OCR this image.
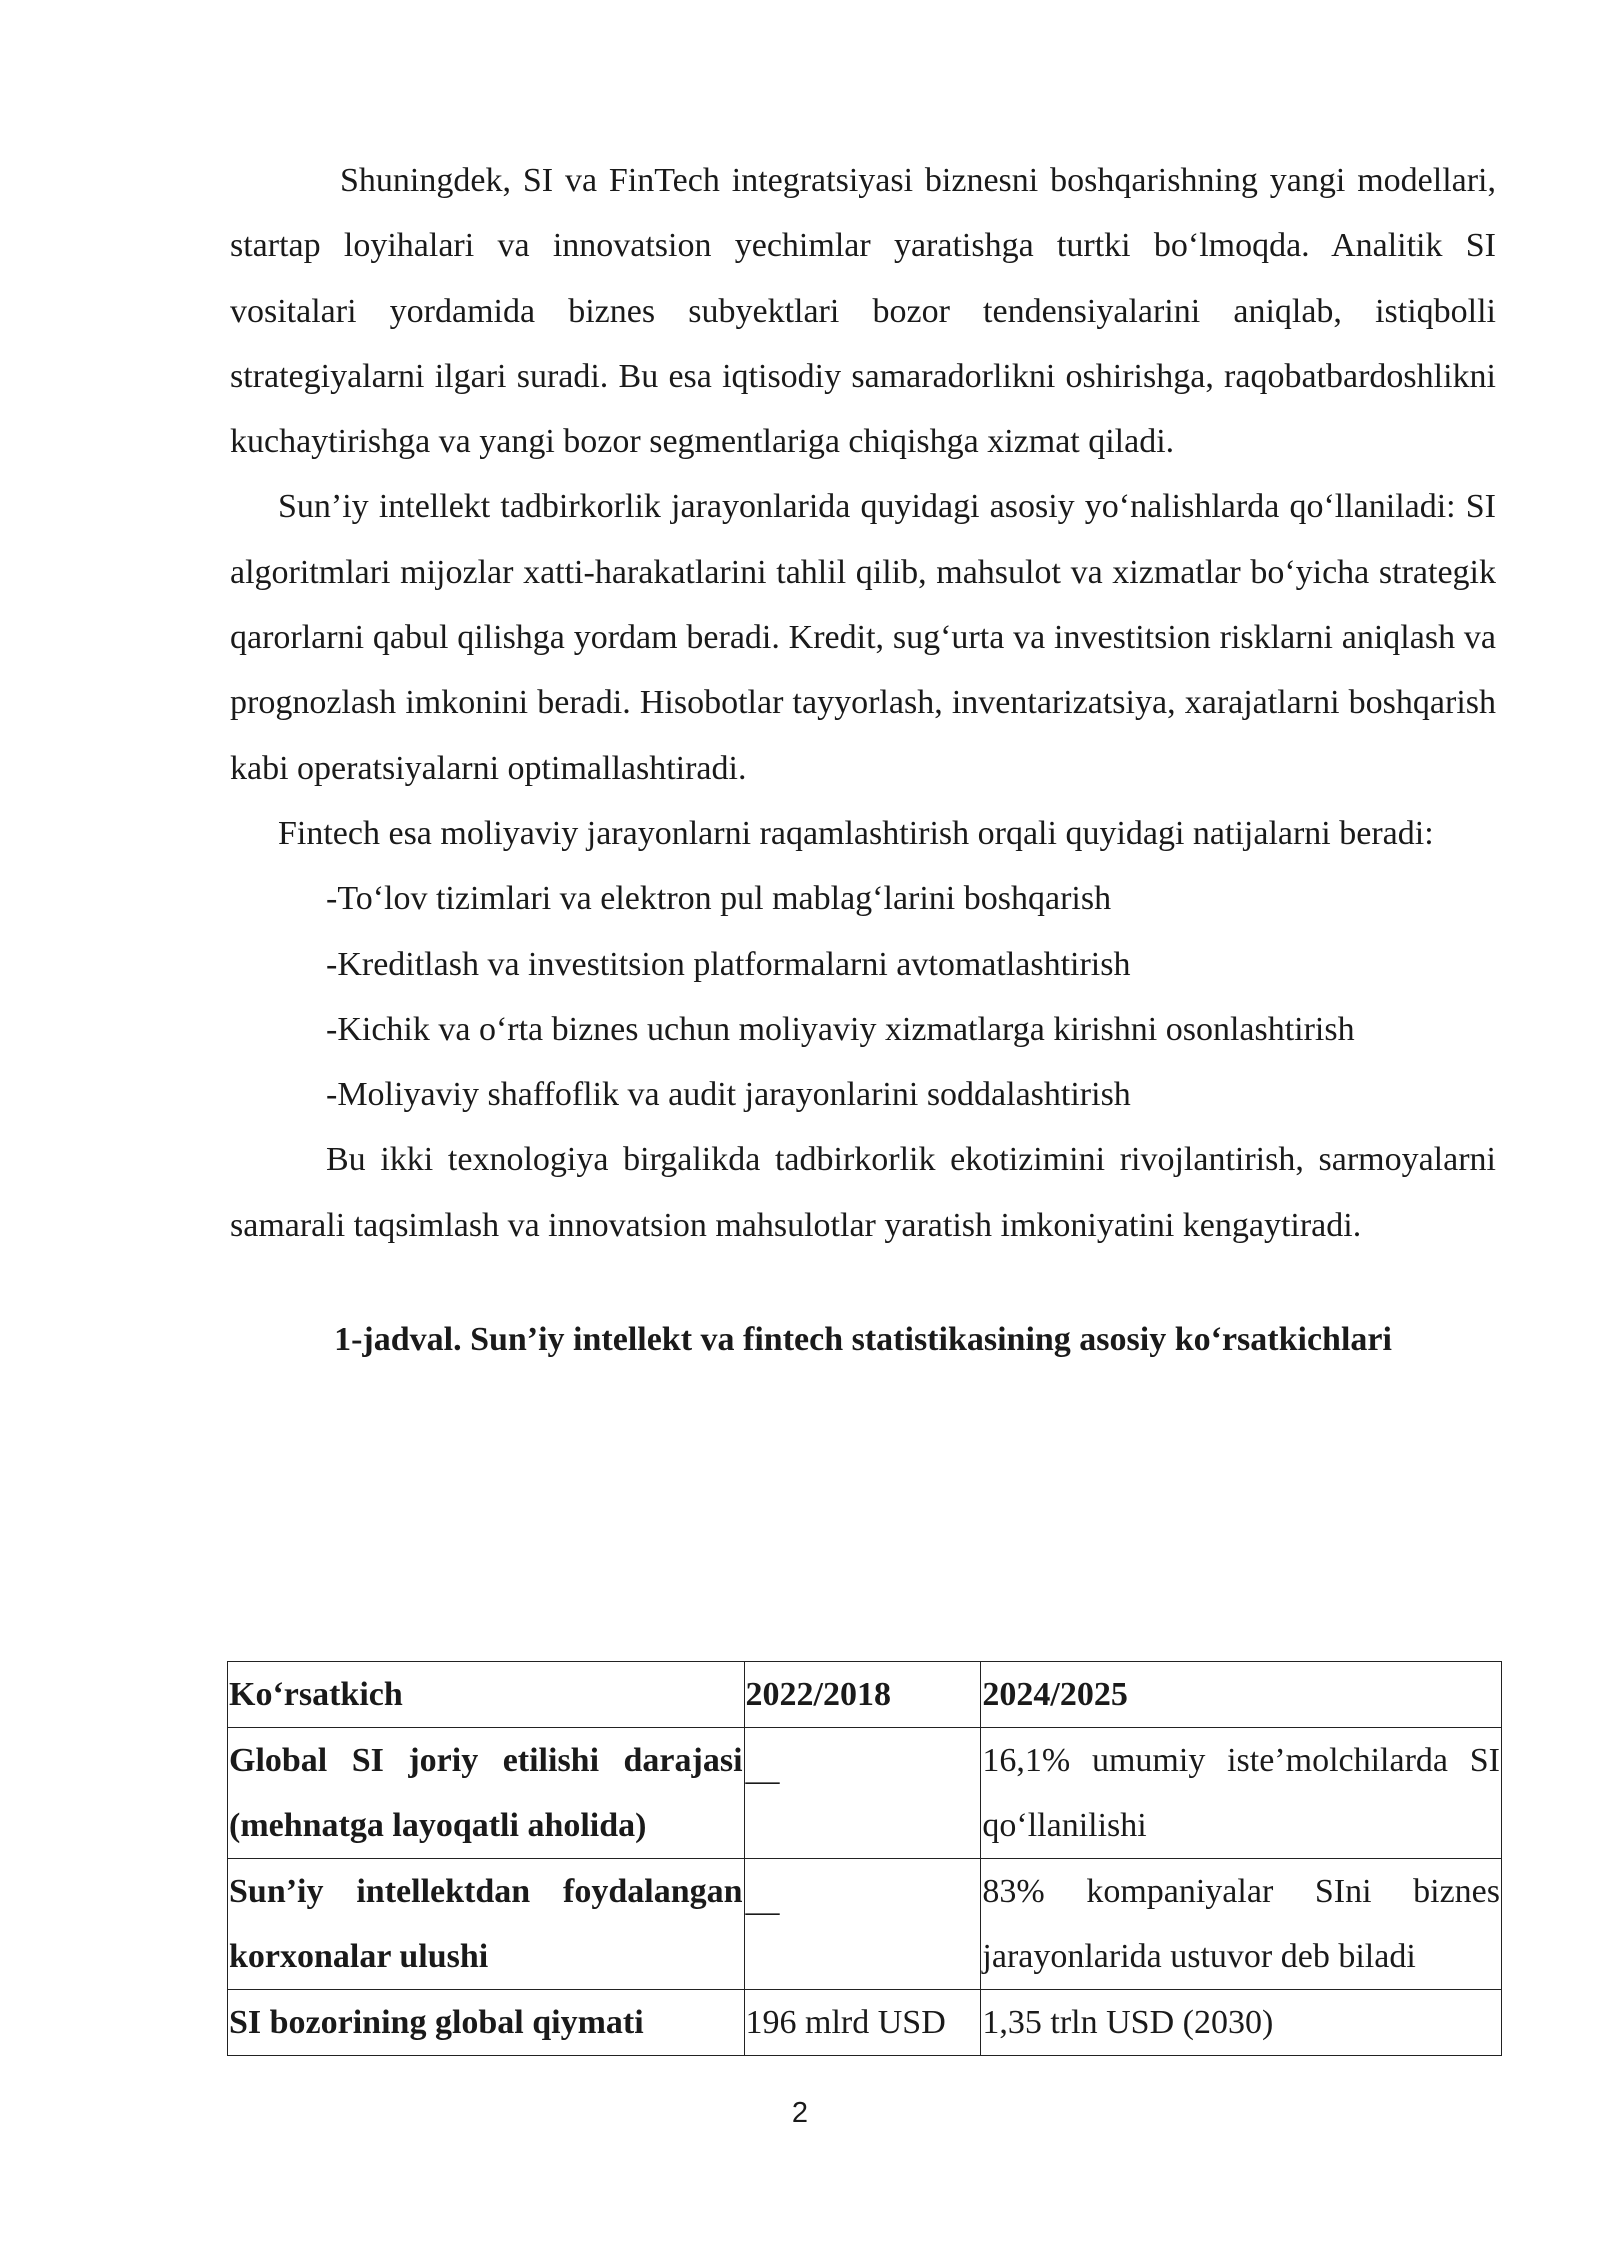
Shuningdek, SI va FinTech integratsiyasi biznesni boshqarishning yangi modellari, startap loyihalari va innovatsion yechimlar yaratishga turtki bo‘lmoqda. Analitik SI vositalari yordamida biznes subyektlari bozor tendensiyalarini aniqlab, istiqbolli strategiyalarni ilgari suradi. Bu esa iqtisodiy samaradorlikni oshirishga, raqobatbardoshlikni kuchaytirishga va yangi bozor segmentlariga chiqishga xizmat qiladi.

Sun’iy intellekt tadbirkorlik jarayonlarida quyidagi asosiy yo‘nalishlarda qo‘llaniladi: SI algoritmlari mijozlar xatti-harakatlarini tahlil qilib, mahsulot va xizmatlar bo‘yicha strategik qarorlarni qabul qilishga yordam beradi. Kredit, sug‘urta va investitsion risklarni aniqlash va prognozlash imkonini beradi. Hisobotlar tayyorlash, inventarizatsiya, xarajatlarni boshqarish kabi operatsiyalarni optimallashtiradi.

Fintech esa moliyaviy jarayonlarni raqamlashtirish orqali quyidagi natijalarni beradi:

-To‘lov tizimlari va elektron pul mablag‘larini boshqarish
-Kreditlash va investitsion platformalarni avtomatlashtirish
-Kichik va o‘rta biznes uchun moliyaviy xizmatlarga kirishni osonlashtirish
-Moliyaviy shaffoflik va audit jarayonlarini soddalashtirish

Bu ikki texnologiya birgalikda tadbirkorlik ekotizimini rivojlantirish, sarmoyalarni samarali taqsimlash va innovatsion mahsulotlar yaratish imkoniyatini kengaytiradi.

1-jadval. Sun’iy intellekt va fintech statistikasining asosiy ko‘rsatkichlari

Ko‘rsatkich	2022/2018	2024/2025
Global SI joriy etilishi darajasi (mehnatga layoqatli aholida)	—	16,1% umumiy iste’molchilarda SI qo‘llanilishi
Sun’iy intellektdan foydalangan korxonalar ulushi	—	83% kompaniyalar SIni biznes jarayonlarida ustuvor deb biladi
SI bozorining global qiymati	196 mlrd USD	1,35 trln USD (2030)
2
